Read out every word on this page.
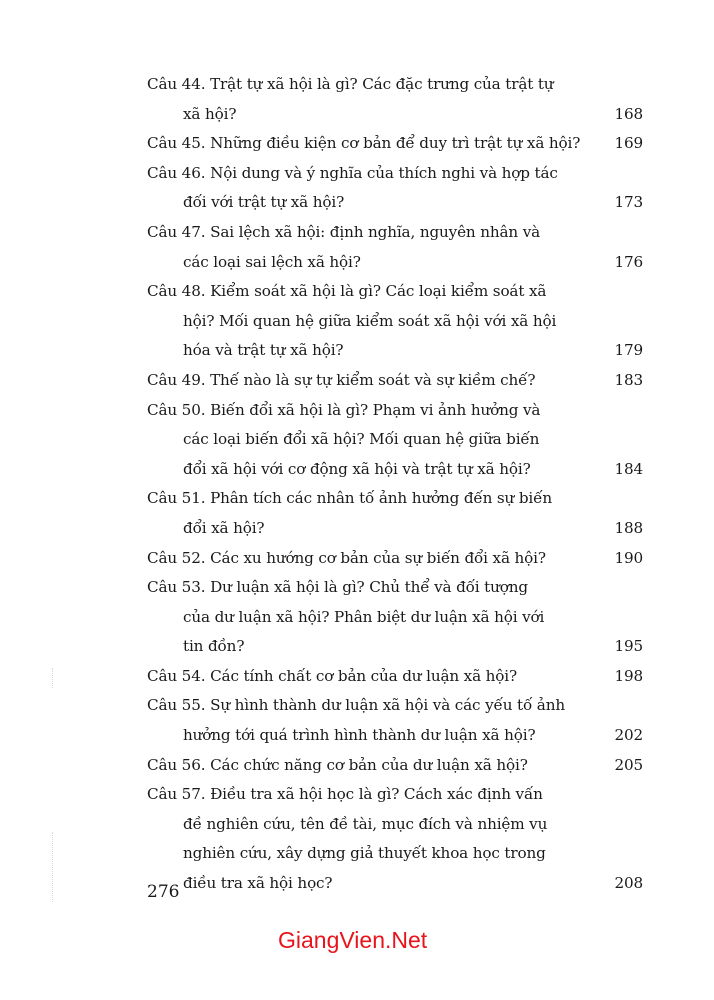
Câu 44. Trật tự xã hội là gì? Các đặc trưng của trật tự
xã hội?	168
Câu 45. Những điều kiện cơ bản để duy trì trật tự xã hội? 169
Câu 46. Nội dung và ý nghĩa của thích nghi và hợp tác
đối với trật tự xã hội?	173
Câu 47. Sai lệch xã hội: định nghĩa, nguyên nhân và
các loại sai lệch xã hội?	176
Câu 48. Kiểm soát xã hội là gì? Các loại kiểm soát xã
hội? Mối quan hệ giữa kiểm soát xã hội với xã hội
hóa và trật tự xã hội?	179
Câu 49. Thế nào là sự tự kiểm soát và sự kiềm chế?	183
Câu 50. Biến đổi xã hội là gì? Phạm vi ảnh hưởng và
các loại biến đổi xã hội? Mối quan hệ giữa biến
đổi xã hội với cơ động xã hội và trật tự xã hội?	184
Câu 51. Phân tích các nhân tố ảnh hưởng đến sự biến
đổi xã hội?	188
Câu 52. Các xu hướng cơ bản của sự biến đổi xã hội?	190
Câu 53. Dư luận xã hội là gì? Chủ thể và đối tượng
của dư luận xã hội? Phân biệt dư luận xã hội với
tin đồn?	195
Câu 54. Các tính chất cơ bản của dư luận xã hội?	198
Câu 55. Sự hình thành dư luận xã hội và các yếu tố ảnh
hưởng tới quá trình hình thành dư luận xã hội?	202
Câu 56. Các chức năng cơ bản của dư luận xã hội?	205
Câu 57. Điều tra xã hội học là gì? Cách xác định vấn
đề nghiên cứu, tên đề tài, mục đích và nhiệm vụ
nghiên cứu, xây dựng giả thuyết khoa học trong
điều tra xã hội học?	208
276
GiangVien.Net
